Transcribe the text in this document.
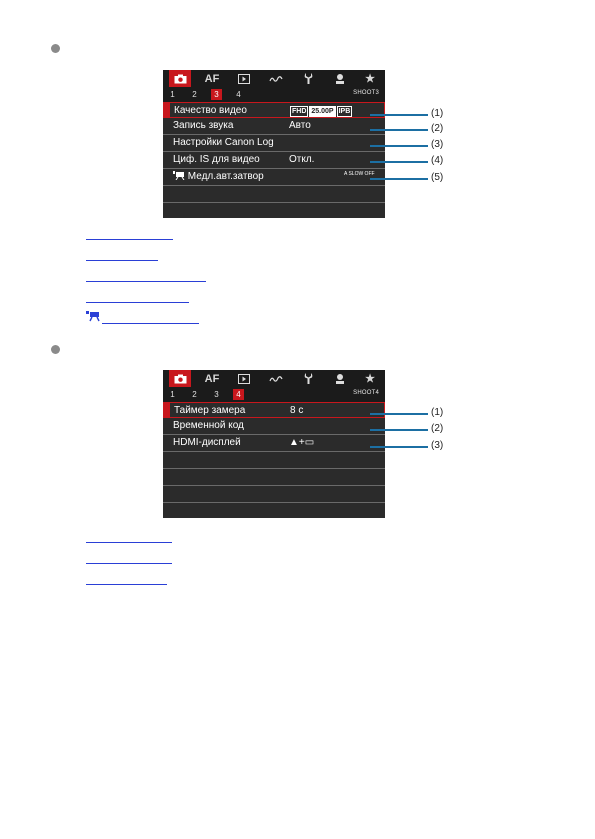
AF	★
1	2	3	4	SHOOT3
Качество видео	FHD 25.00P IPB
Запись звука	Авто
Настройки Canon Log
Циф. IS для видео	Откл.
Медл.авт.затвор	A SLOW OFF
(1)
(2)
(3)
(4)
(5)
AF	★
1	2	3	4	SHOOT4
Таймер замера	8 с
Временной код
HDMI-дисплей	▲+▭
(1)
(2)
(3)
